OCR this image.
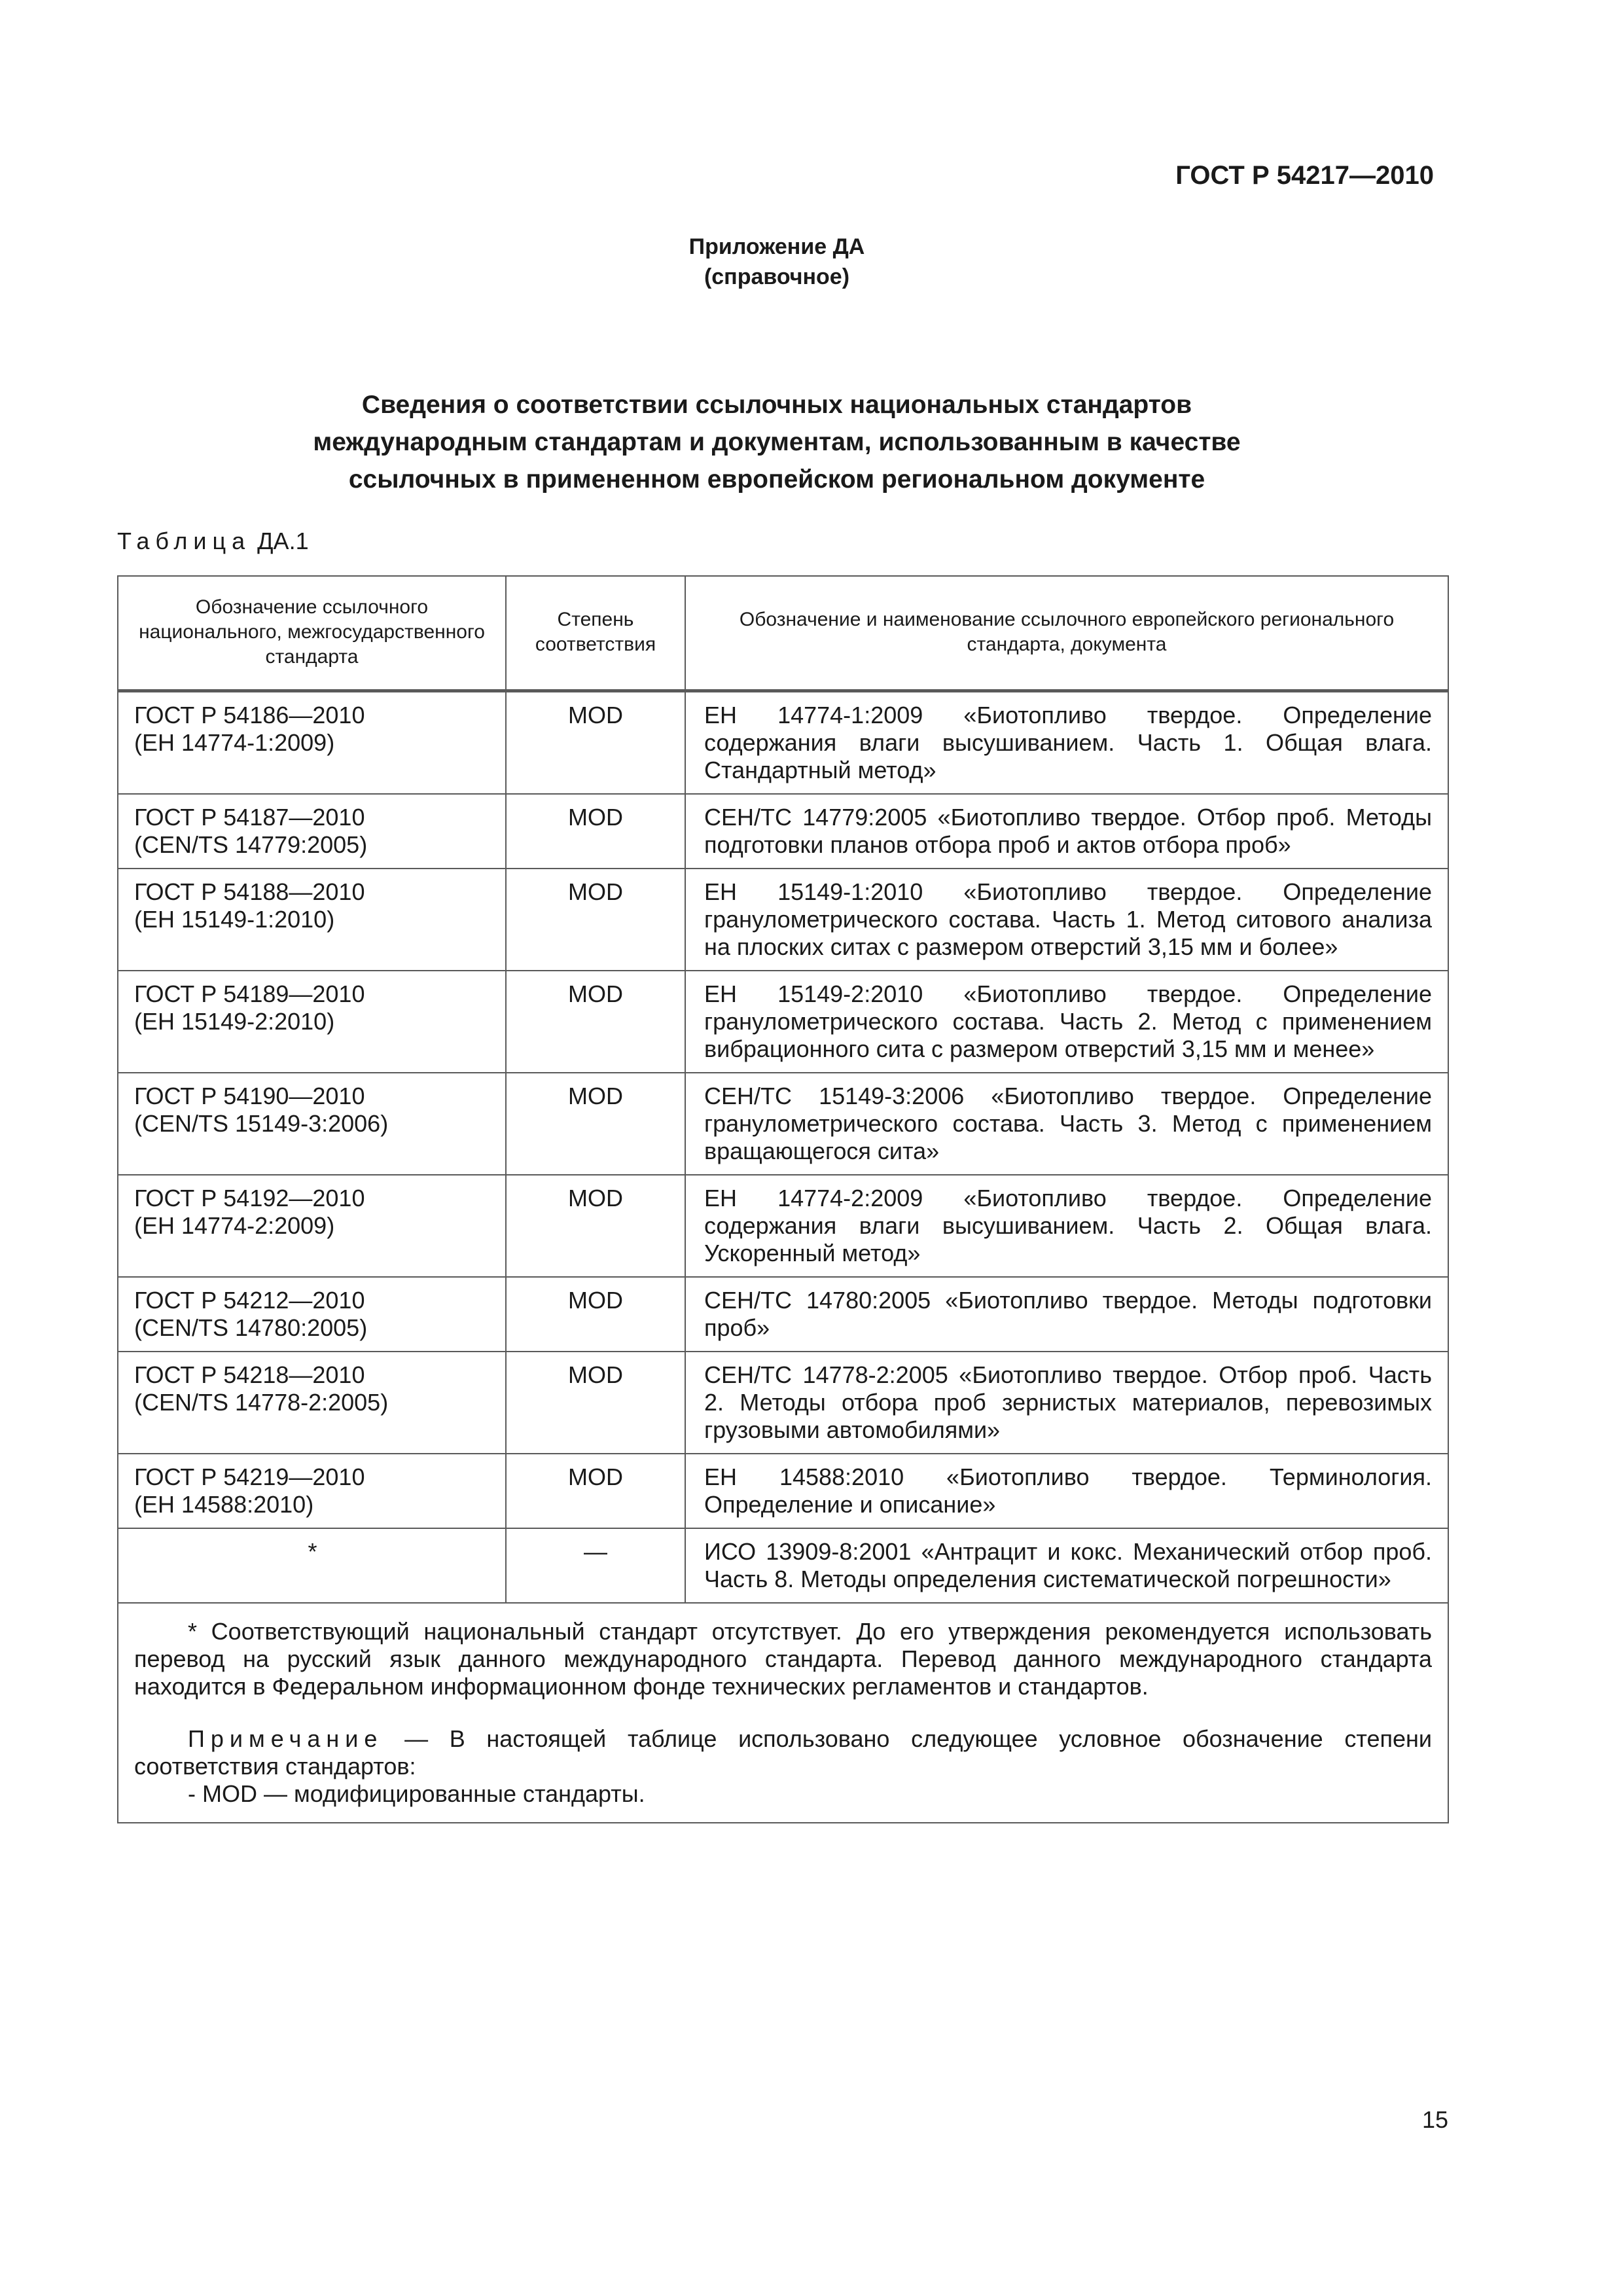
ГОСТ Р 54217—2010

Приложение ДА
(справочное)
Сведения о соответствии ссылочных национальных стандартов
международным стандартам и документам, использованным в качестве
ссылочных в примененном европейском региональном документе

Таблица ДА.1

Обозначение ссылочного национального, межгосударственного стандарта	Степень соответствия	Обозначение и наименование ссылочного европейского регионального стандарта, документа

ГОСТ Р 54186—2010
(ЕН 14774-1:2009)	MOD	ЕН 14774-1:2009 «Биотопливо твердое. Определение содержания влаги высушиванием. Часть 1. Общая влага. Стандартный метод»

ГОСТ Р 54187—2010
(CEN/TS 14779:2005)	MOD	СЕН/ТС 14779:2005 «Биотопливо твердое. Отбор проб. Методы подготовки планов отбора проб и актов отбора проб»

ГОСТ Р 54188—2010
(ЕН 15149-1:2010)	MOD	ЕН 15149-1:2010 «Биотопливо твердое. Определение гранулометрического состава. Часть 1. Метод ситового анализа на плоских ситах с размером отверстий 3,15 мм и более»

ГОСТ Р 54189—2010
(ЕН 15149-2:2010)	MOD	ЕН 15149-2:2010 «Биотопливо твердое. Определение гранулометрического состава. Часть 2. Метод с применением вибрационного сита с размером отверстий 3,15 мм и менее»

ГОСТ Р 54190—2010
(CEN/TS 15149-3:2006)	MOD	СЕН/ТС 15149-3:2006 «Биотопливо твердое. Определение гранулометрического состава. Часть 3. Метод с применением вращающегося сита»

ГОСТ Р 54192—2010
(ЕН 14774-2:2009)	MOD	ЕН 14774-2:2009 «Биотопливо твердое. Определение содержания влаги высушиванием. Часть 2. Общая влага. Ускоренный метод»

ГОСТ Р 54212—2010
(CEN/TS 14780:2005)	MOD	СЕН/ТС 14780:2005 «Биотопливо твердое. Методы подготовки проб»

ГОСТ Р 54218—2010
(CEN/TS 14778-2:2005)	MOD	СЕН/ТС 14778-2:2005 «Биотопливо твердое. Отбор проб. Часть 2. Методы отбора проб зернистых материалов, перевозимых грузовыми автомобилями»

ГОСТ Р 54219—2010
(ЕН 14588:2010)	MOD	ЕН 14588:2010 «Биотопливо твердое. Терминология. Определение и описание»

*	—	ИСО 13909-8:2001 «Антрацит и кокс. Механический отбор проб. Часть 8. Методы определения систематической погрешности»

* Соответствующий национальный стандарт отсутствует. До его утверждения рекомендуется использовать перевод на русский язык данного международного стандарта. Перевод данного международного стандарта находится в Федеральном информационном фонде технических регламентов и стандартов.

Примечание — В настоящей таблице использовано следующее условное обозначение степени соответствия стандартов:

- MOD — модифицированные стандарты.		

15
